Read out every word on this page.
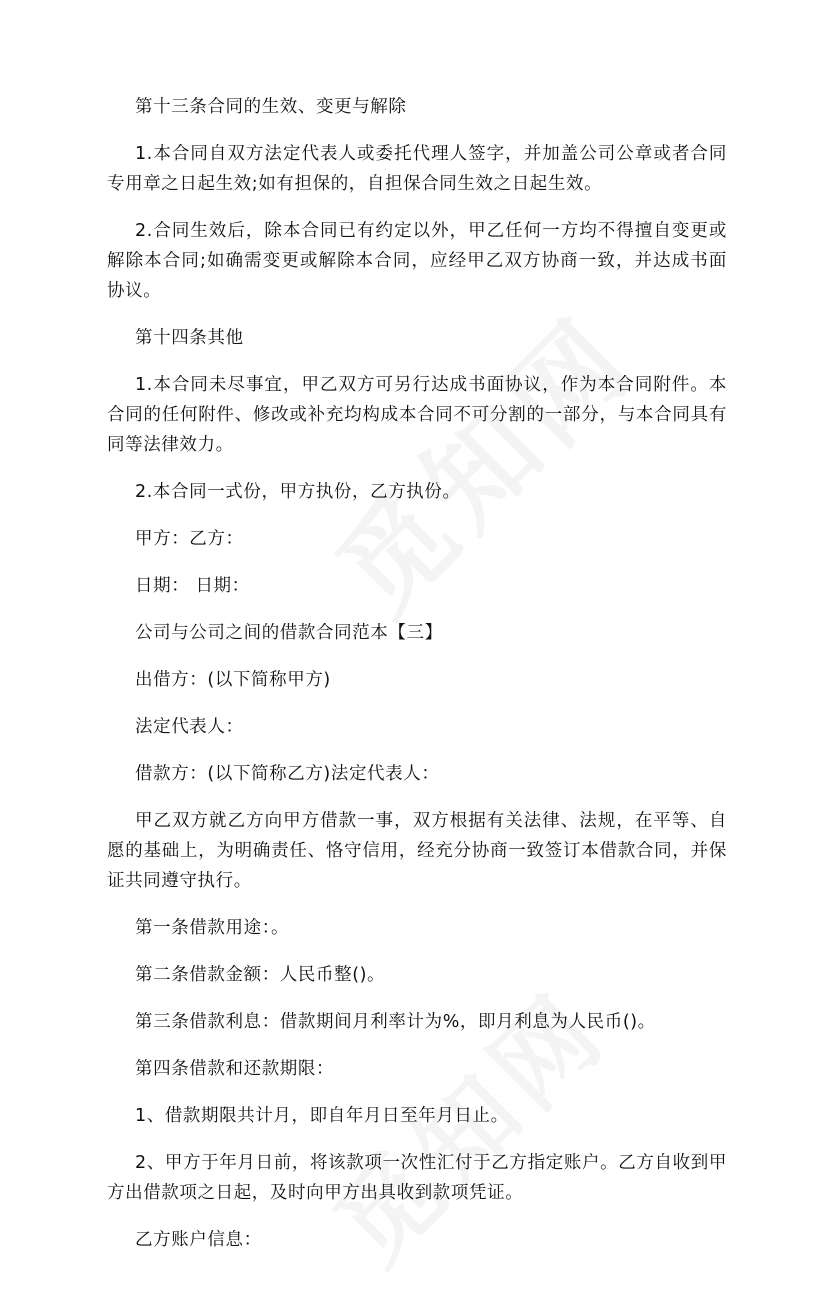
第十三条合同的生效、变更与解除

1.本合同自双方法定代表人或委托代理人签字，并加盖公司公章或者合同专用章之日起生效;如有担保的，自担保合同生效之日起生效。

2.合同生效后，除本合同已有约定以外，甲乙任何一方均不得擅自变更或解除本合同;如确需变更或解除本合同，应经甲乙双方协商一致，并达成书面协议。

第十四条其他

1.本合同未尽事宜，甲乙双方可另行达成书面协议，作为本合同附件。本合同的任何附件、修改或补充均构成本合同不可分割的一部分，与本合同具有同等法律效力。

2.本合同一式份，甲方执份，乙方执份。

甲方：乙方：

日期： 日期：

公司与公司之间的借款合同范本【三】

出借方：(以下简称甲方)

法定代表人：

借款方：(以下简称乙方)法定代表人：

甲乙双方就乙方向甲方借款一事，双方根据有关法律、法规，在平等、自愿的基础上，为明确责任、恪守信用，经充分协商一致签订本借款合同，并保证共同遵守执行。

第一条借款用途：。

第二条借款金额：人民币整()。

第三条借款利息：借款期间月利率计为%，即月利息为人民币()。

第四条借款和还款期限：

1、借款期限共计月，即自年月日至年月日止。

2、甲方于年月日前，将该款项一次性汇付于乙方指定账户。乙方自收到甲方出借款项之日起，及时向甲方出具收到款项凭证。

乙方账户信息：
